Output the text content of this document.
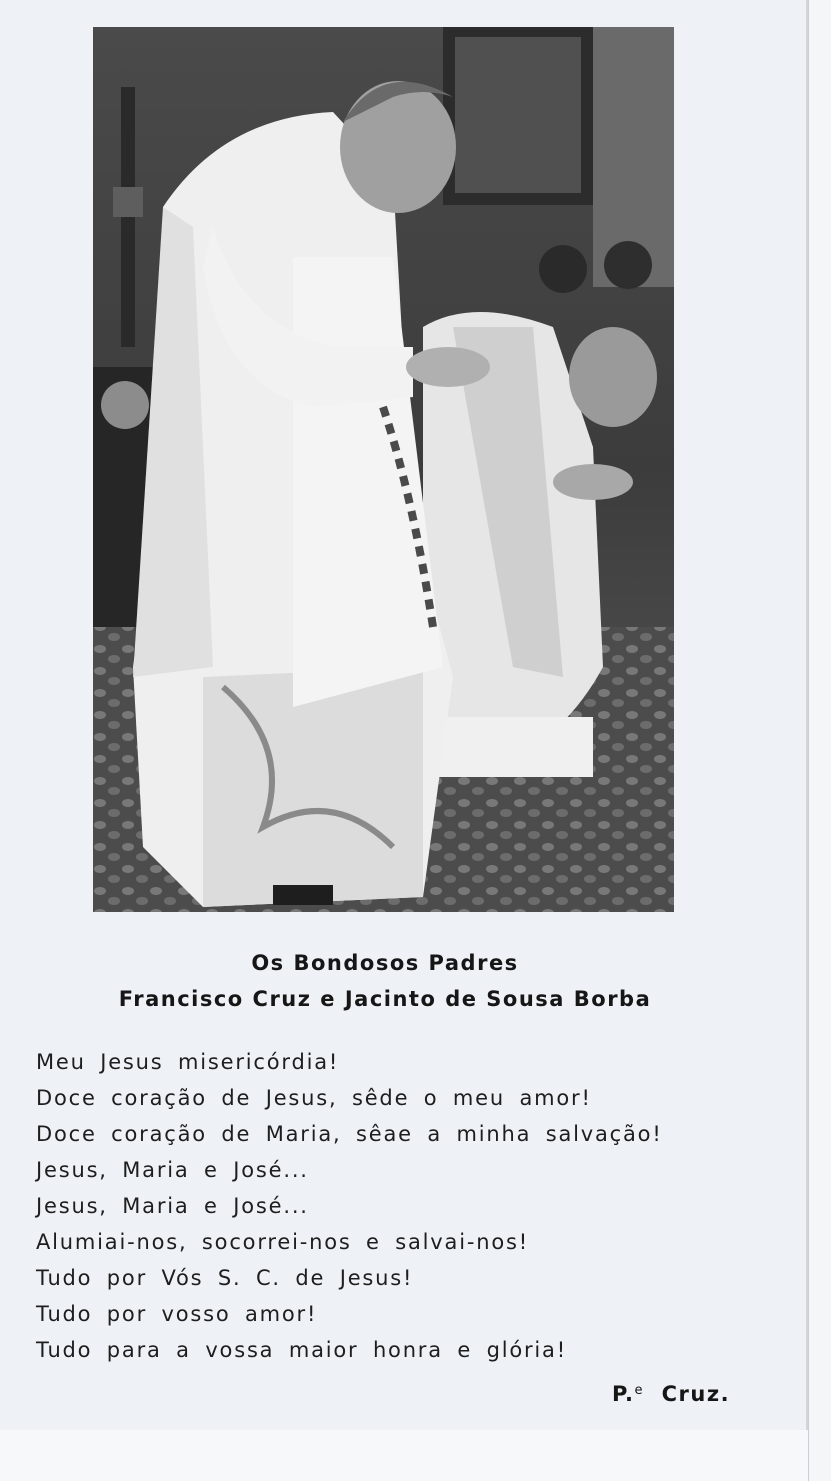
Os Bondosos Padres
Francisco Cruz e Jacinto de Sousa Borba
Meu Jesus misericórdia!
Doce coração de Jesus, sêde o meu amor!
Doce coração de Maria, sêae a minha salvação!
Jesus, Maria e José...
Jesus, Maria e José...
Alumiai-nos, socorrei-nos e salvai-nos!
Tudo por Vós S. C. de Jesus!
Tudo por vosso amor!
Tudo para a vossa maior honra e glória!
P.$^e$ Cruz.
